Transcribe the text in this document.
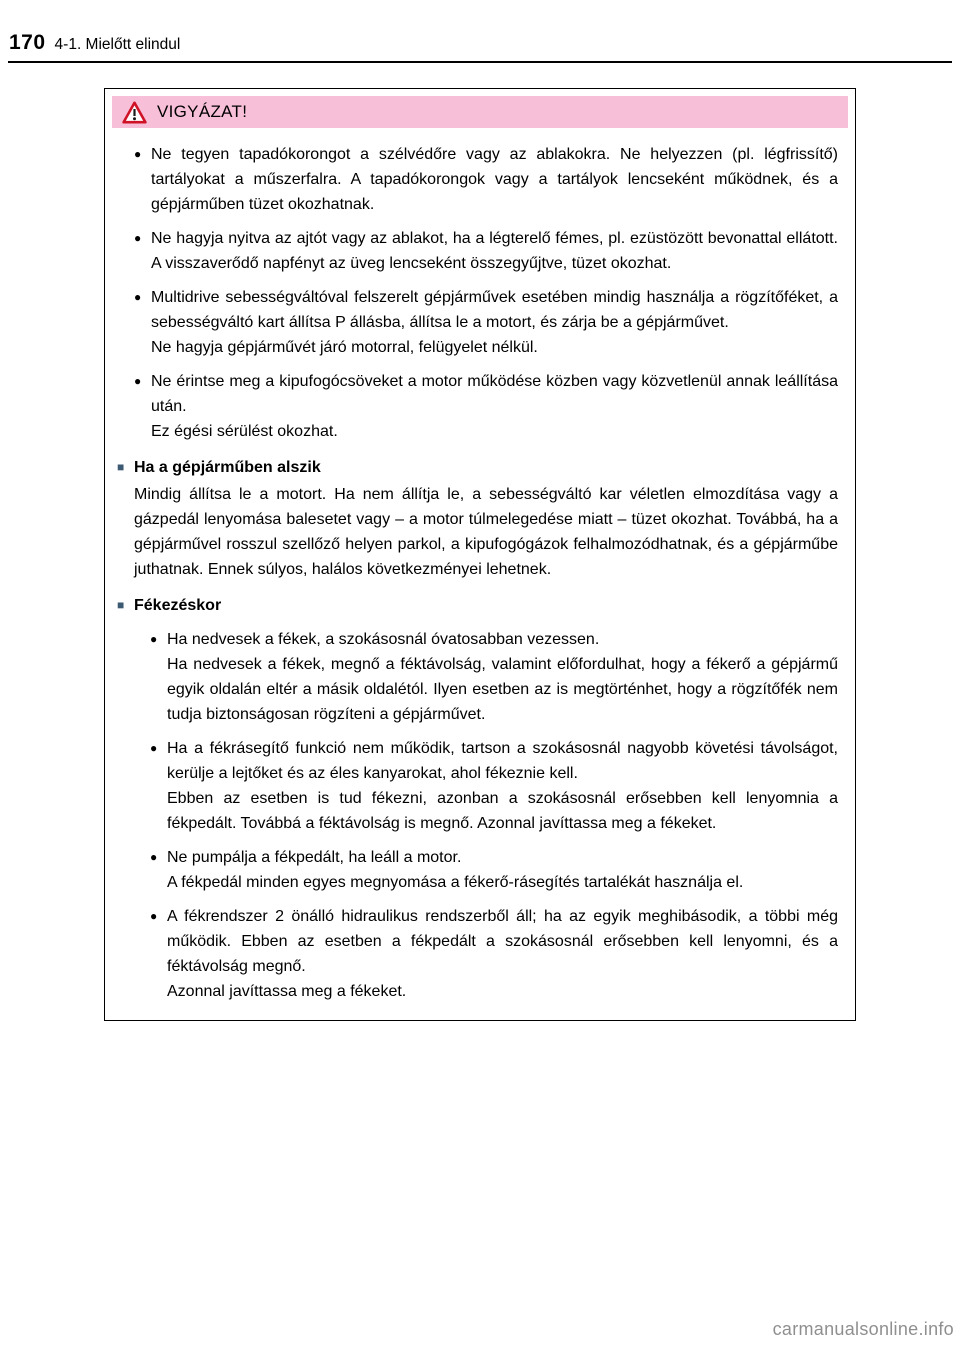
170 4-1. Mielőtt elindul
VIGYÁZAT!
● Ne tegyen tapadókorongot a szélvédőre vagy az ablakokra. Ne helyezzen (pl. légfrissítő) tartályokat a műszerfalra. A tapadókorongok vagy a tartályok lencseként működnek, és a gépjárműben tüzet okozhatnak.

● Ne hagyja nyitva az ajtót vagy az ablakot, ha a légterelő fémes, pl. ezüstözött bevonattal ellátott. A visszaverődő napfényt az üveg lencseként összegyűjtve, tüzet okozhat.

● Multidrive sebességváltóval felszerelt gépjárművek esetében mindig használja a rögzítőféket, a sebességváltó kart állítsa P állásba, állítsa le a motort, és zárja be a gépjárművet.

Ne hagyja gépjárművét járó motorral, felügyelet nélkül.

● Ne érintse meg a kipufogócsöveket a motor működése közben vagy közvetlenül annak leállítása után.

Ez égési sérülést okozhat.

■ Ha a gépjárműben alszik

Mindig állítsa le a motort. Ha nem állítja le, a sebességváltó kar véletlen elmozdítása vagy a gázpedál lenyomása balesetet vagy – a motor túlmelegedése miatt – tüzet okozhat. Továbbá, ha a gépjárművel rosszul szellőző helyen parkol, a kipufogógázok felhalmozódhatnak, és a gépjárműbe juthatnak. Ennek súlyos, halálos következményei lehetnek.

■ Fékezéskor
● Ha nedvesek a fékek, a szokásosnál óvatosabban vezessen.

Ha nedvesek a fékek, megnő a féktávolság, valamint előfordulhat, hogy a fékerő a gépjármű egyik oldalán eltér a másik oldalétól. Ilyen esetben az is megtörténhet, hogy a rögzítőfék nem tudja biztonságosan rögzíteni a gépjárművet.

● Ha a fékrásegítő funkció nem működik, tartson a szokásosnál nagyobb követési távolságot, kerülje a lejtőket és az éles kanyarokat, ahol fékeznie kell.

Ebben az esetben is tud fékezni, azonban a szokásosnál erősebben kell lenyomnia a fékpedált. Továbbá a féktávolság is megnő. Azonnal javíttassa meg a fékeket.

● Ne pumpálja a fékpedált, ha leáll a motor.

A fékpedál minden egyes megnyomása a fékerő-rásegítés tartalékát használja el.

● A fékrendszer 2 önálló hidraulikus rendszerből áll; ha az egyik meghibásodik, a többi még működik. Ebben az esetben a fékpedált a szokásosnál erősebben kell lenyomni, és a féktávolság megnő.

Azonnal javíttassa meg a fékeket.

carmanualsonline.info
